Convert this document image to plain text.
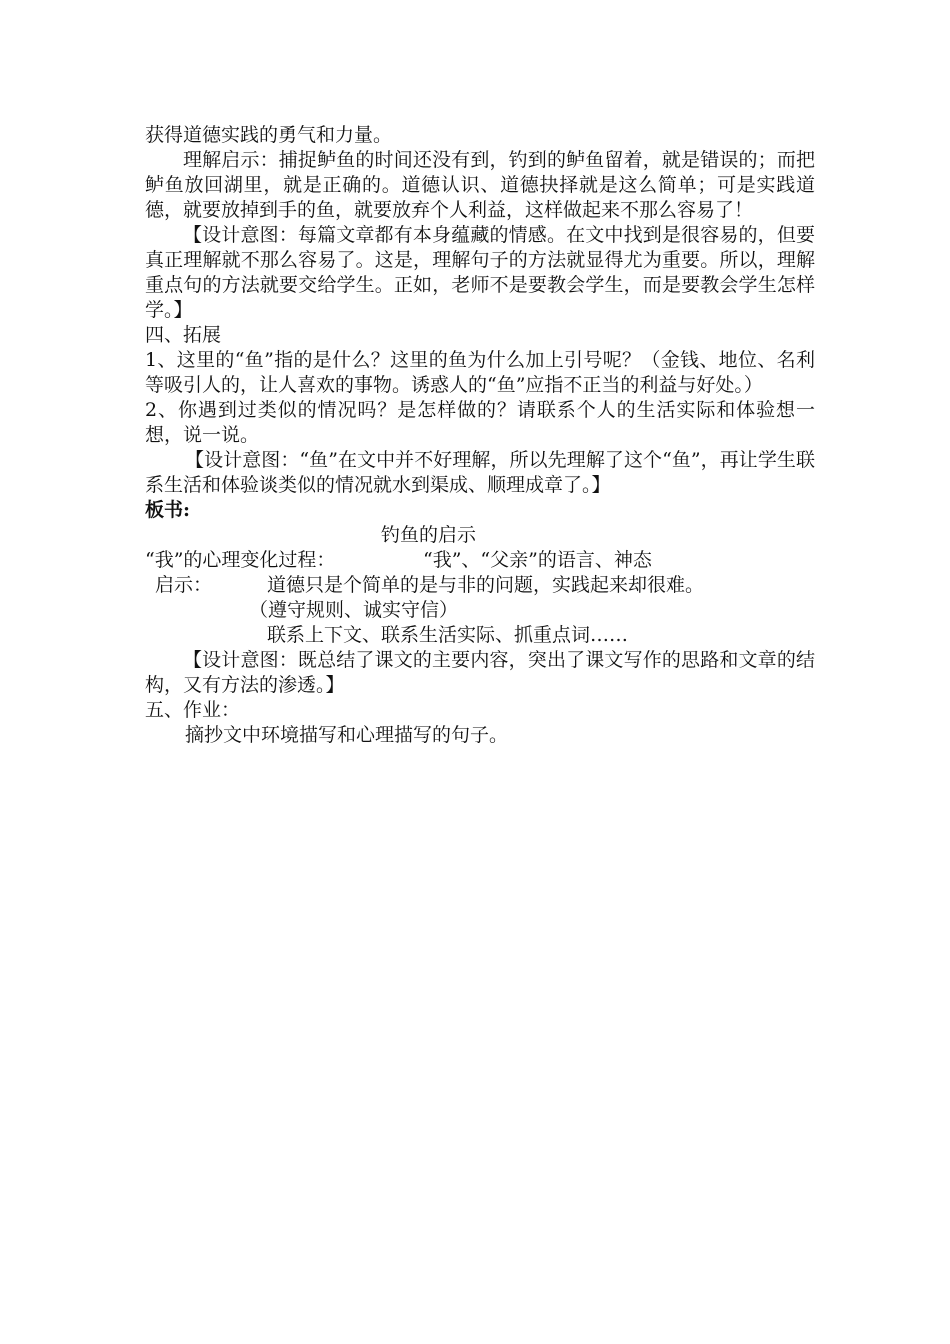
获得道德实践的勇气和力量。

理解启示：捕捉鲈鱼的时间还没有到，钓到的鲈鱼留着，就是错误的；而把鲈鱼放回湖里，就是正确的。道德认识、道德抉择就是这么简单；可是实践道德，就要放掉到手的鱼，就要放弃个人利益，这样做起来不那么容易了！

【设计意图：每篇文章都有本身蕴藏的情感。在文中找到是很容易的，但要真正理解就不那么容易了。这是，理解句子的方法就显得尤为重要。所以，理解重点句的方法就要交给学生。正如，老师不是要教会学生，而是要教会学生怎样学。】

四、拓展

1、这里的“鱼”指的是什么？这里的鱼为什么加上引号呢？（金钱、地位、名利等吸引人的，让人喜欢的事物。诱惑人的“鱼”应指不正当的利益与好处。）

2、你遇到过类似的情况吗？是怎样做的？请联系个人的生活实际和体验想一想，说一说。

【设计意图：“鱼”在文中并不好理解，所以先理解了这个“鱼”，再让学生联系生活和体验谈类似的情况就水到渠成、顺理成章了。】

板书:

钓鱼的启示
“我”的心理变化过程：	“我”、“父亲”的语言、神态
启示：	道德只是个简单的是与非的问题，实践起来却很难。
（遵守规则、诚实守信）
联系上下文、联系生活实际、抓重点词……

【设计意图：既总结了课文的主要内容，突出了课文写作的思路和文章的结构，又有方法的渗透。】

五、作业：

摘抄文中环境描写和心理描写的句子。
